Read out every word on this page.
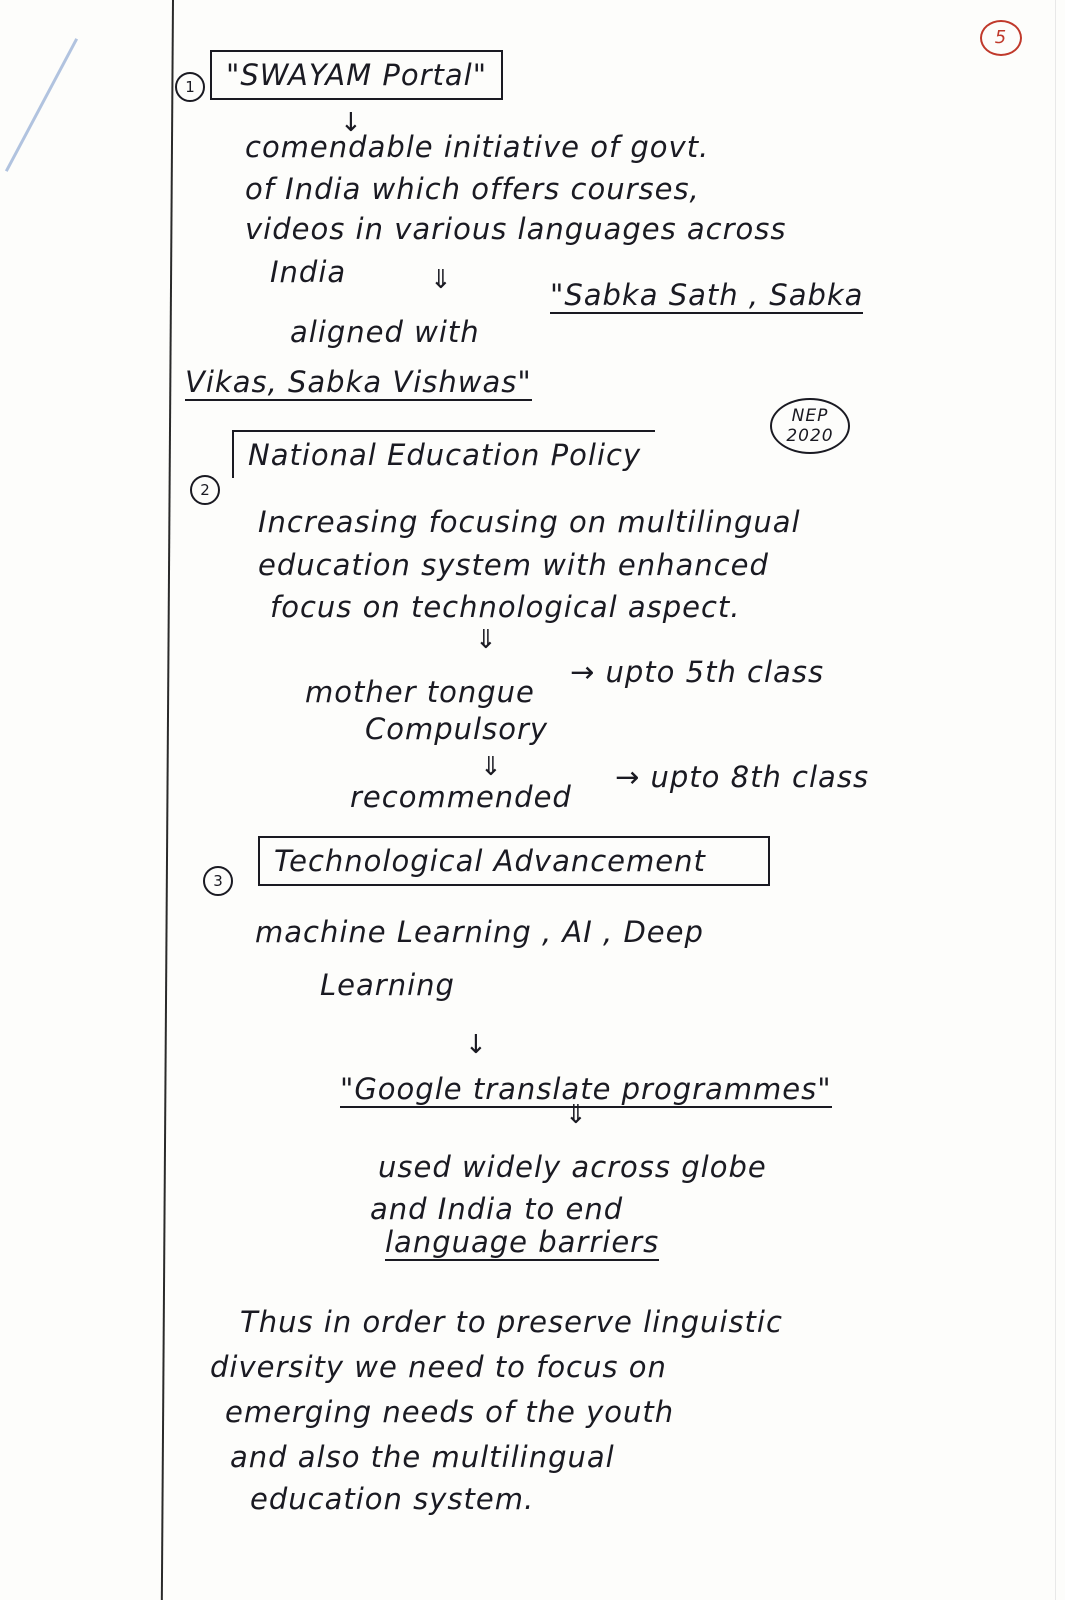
5
1	"SWAYAM Portal"
↓
comendable initiative of govt.
of India which offers courses,
videos in various languages across
India	⇓
aligned with
"Sabka Sath , Sabka
Vikas, Sabka Vishwas"
2
National Education Policy
NEP
2020
Increasing focusing on multilingual
education system with enhanced
focus on technological aspect.
⇓
mother tongue
Compulsory
→ upto 5th class
⇓
recommended
→ upto 8th class
3
Technological Advancement
machine Learning , AI , Deep
Learning
↓
"Google translate programmes"
⇓
used widely across globe
and India to end
language barriers
Thus in order to preserve linguistic
diversity we need to focus on
emerging needs of the youth
and also the multilingual
education system.
